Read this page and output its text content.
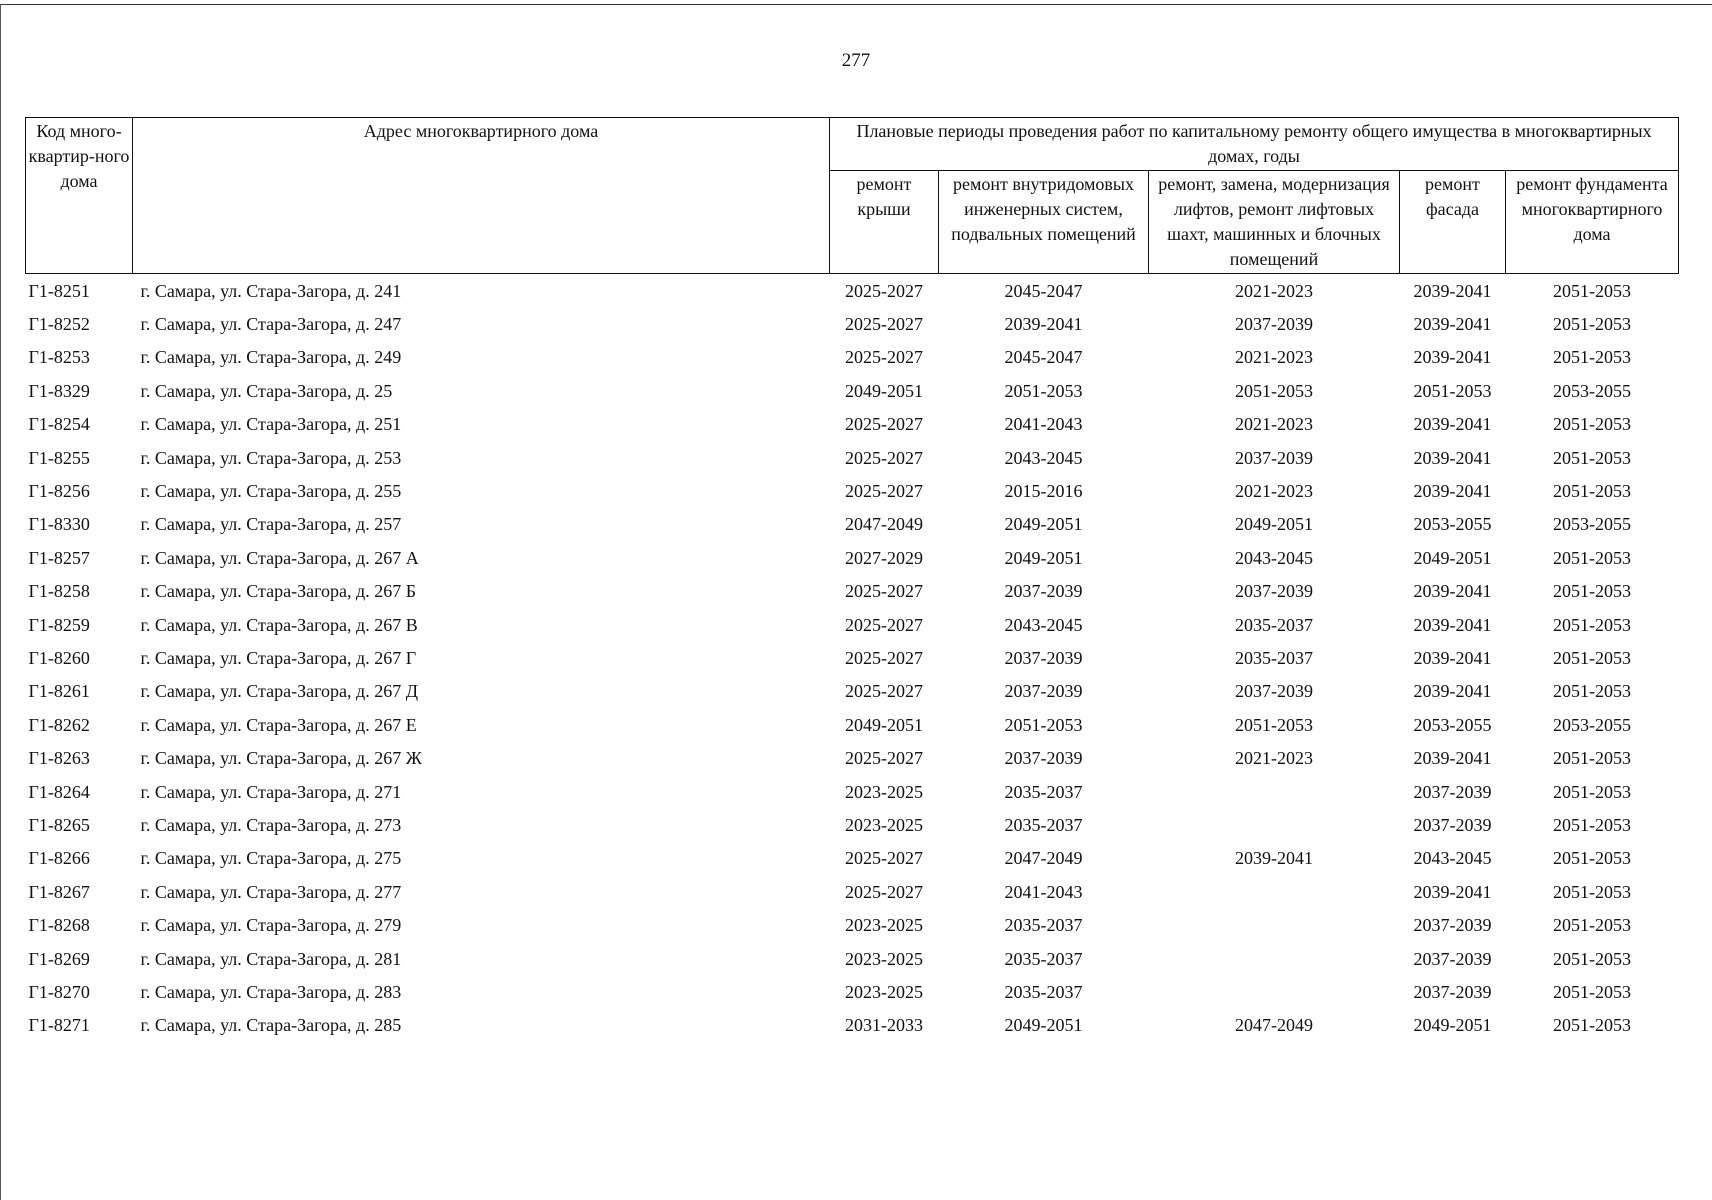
277
Код много-квартир-ного дома	Адрес многоквартирного дома	Плановые периоды проведения работ по капитальному ремонту общего имущества в многоквартирных домах, годы				
		ремонт крыши	ремонт внутридомовых инженерных систем, подвальных помещений	ремонт, замена, модернизация лифтов, ремонт лифтовых шахт, машинных и блочных помещений	ремонт фасада	ремонт фундамента многоквартирного дома
Г1-8251	г. Самара, ул. Стара-Загора, д. 241	2025-2027	2045-2047	2021-2023	2039-2041	2051-2053
Г1-8252	г. Самара, ул. Стара-Загора, д. 247	2025-2027	2039-2041	2037-2039	2039-2041	2051-2053
Г1-8253	г. Самара, ул. Стара-Загора, д. 249	2025-2027	2045-2047	2021-2023	2039-2041	2051-2053
Г1-8329	г. Самара, ул. Стара-Загора, д. 25	2049-2051	2051-2053	2051-2053	2051-2053	2053-2055
Г1-8254	г. Самара, ул. Стара-Загора, д. 251	2025-2027	2041-2043	2021-2023	2039-2041	2051-2053
Г1-8255	г. Самара, ул. Стара-Загора, д. 253	2025-2027	2043-2045	2037-2039	2039-2041	2051-2053
Г1-8256	г. Самара, ул. Стара-Загора, д. 255	2025-2027	2015-2016	2021-2023	2039-2041	2051-2053
Г1-8330	г. Самара, ул. Стара-Загора, д. 257	2047-2049	2049-2051	2049-2051	2053-2055	2053-2055
Г1-8257	г. Самара, ул. Стара-Загора, д. 267 А	2027-2029	2049-2051	2043-2045	2049-2051	2051-2053
Г1-8258	г. Самара, ул. Стара-Загора, д. 267 Б	2025-2027	2037-2039	2037-2039	2039-2041	2051-2053
Г1-8259	г. Самара, ул. Стара-Загора, д. 267 В	2025-2027	2043-2045	2035-2037	2039-2041	2051-2053
Г1-8260	г. Самара, ул. Стара-Загора, д. 267 Г	2025-2027	2037-2039	2035-2037	2039-2041	2051-2053
Г1-8261	г. Самара, ул. Стара-Загора, д. 267 Д	2025-2027	2037-2039	2037-2039	2039-2041	2051-2053
Г1-8262	г. Самара, ул. Стара-Загора, д. 267 Е	2049-2051	2051-2053	2051-2053	2053-2055	2053-2055
Г1-8263	г. Самара, ул. Стара-Загора, д. 267 Ж	2025-2027	2037-2039	2021-2023	2039-2041	2051-2053
Г1-8264	г. Самара, ул. Стара-Загора, д. 271	2023-2025	2035-2037		2037-2039	2051-2053
Г1-8265	г. Самара, ул. Стара-Загора, д. 273	2023-2025	2035-2037		2037-2039	2051-2053
Г1-8266	г. Самара, ул. Стара-Загора, д. 275	2025-2027	2047-2049	2039-2041	2043-2045	2051-2053
Г1-8267	г. Самара, ул. Стара-Загора, д. 277	2025-2027	2041-2043		2039-2041	2051-2053
Г1-8268	г. Самара, ул. Стара-Загора, д. 279	2023-2025	2035-2037		2037-2039	2051-2053
Г1-8269	г. Самара, ул. Стара-Загора, д. 281	2023-2025	2035-2037		2037-2039	2051-2053
Г1-8270	г. Самара, ул. Стара-Загора, д. 283	2023-2025	2035-2037		2037-2039	2051-2053
Г1-8271	г. Самара, ул. Стара-Загора, д. 285	2031-2033	2049-2051	2047-2049	2049-2051	2051-2053
